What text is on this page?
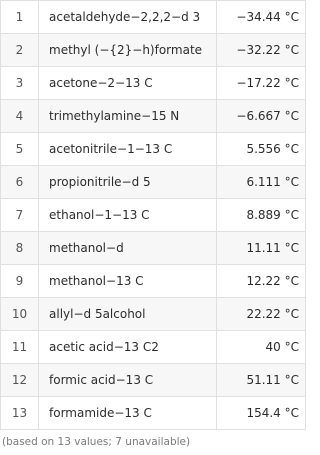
1	acetaldehyde−2,2,2−d 3	−34.44 °C
2	methyl (−{2}−h)formate	−32.22 °C
3	acetone−2−13 C	−17.22 °C
4	trimethylamine−15 N	−6.667 °C
5	acetonitrile−1−13 C	5.556 °C
6	propionitrile−d 5	6.111 °C
7	ethanol−1−13 C	8.889 °C
8	methanol−d	11.11 °C
9	methanol−13 C	12.22 °C
10	allyl−d 5alcohol	22.22 °C
11	acetic acid−13 C2	40 °C
12	formic acid−13 C	51.11 °C
13	formamide−13 C	154.4 °C
(based on 13 values; 7 unavailable)
